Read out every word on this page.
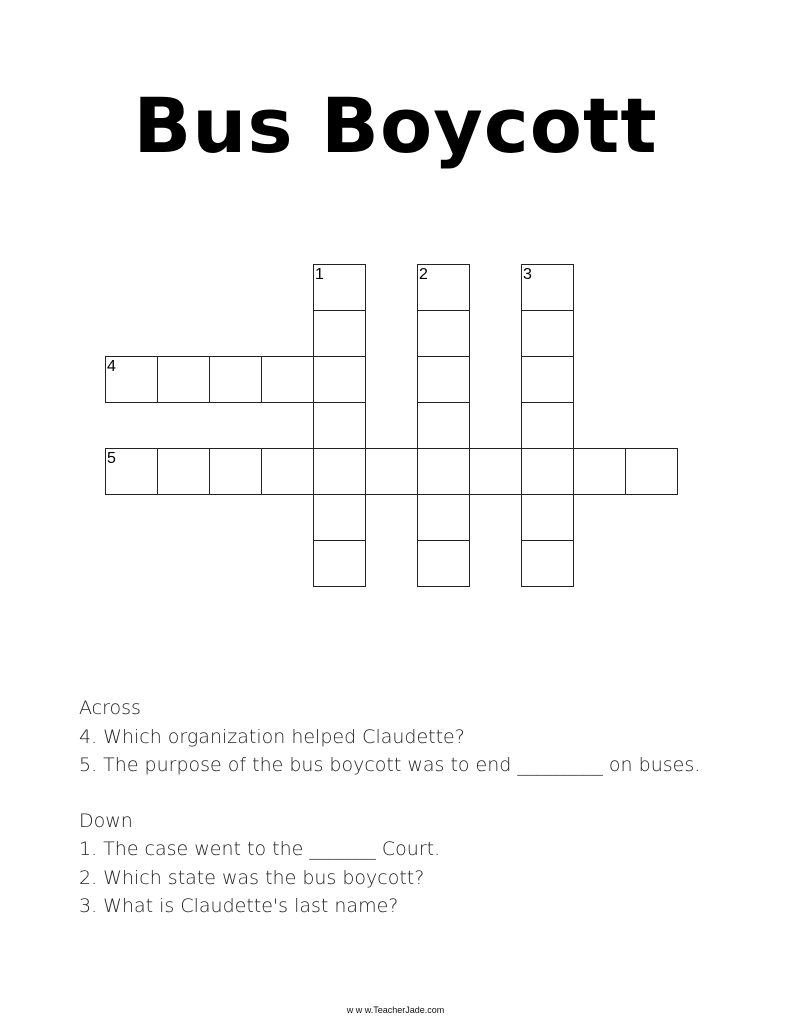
Bus Boycott
1	2	3
4
5
Across
4. Which organization helped Claudette?
5. The purpose of the bus boycott was to end _________ on buses.
Down
1. The case went to the _______ Court.
2. Which state was the bus boycott?
3. What is Claudette's last name?
w w w.TeacherJade.com
